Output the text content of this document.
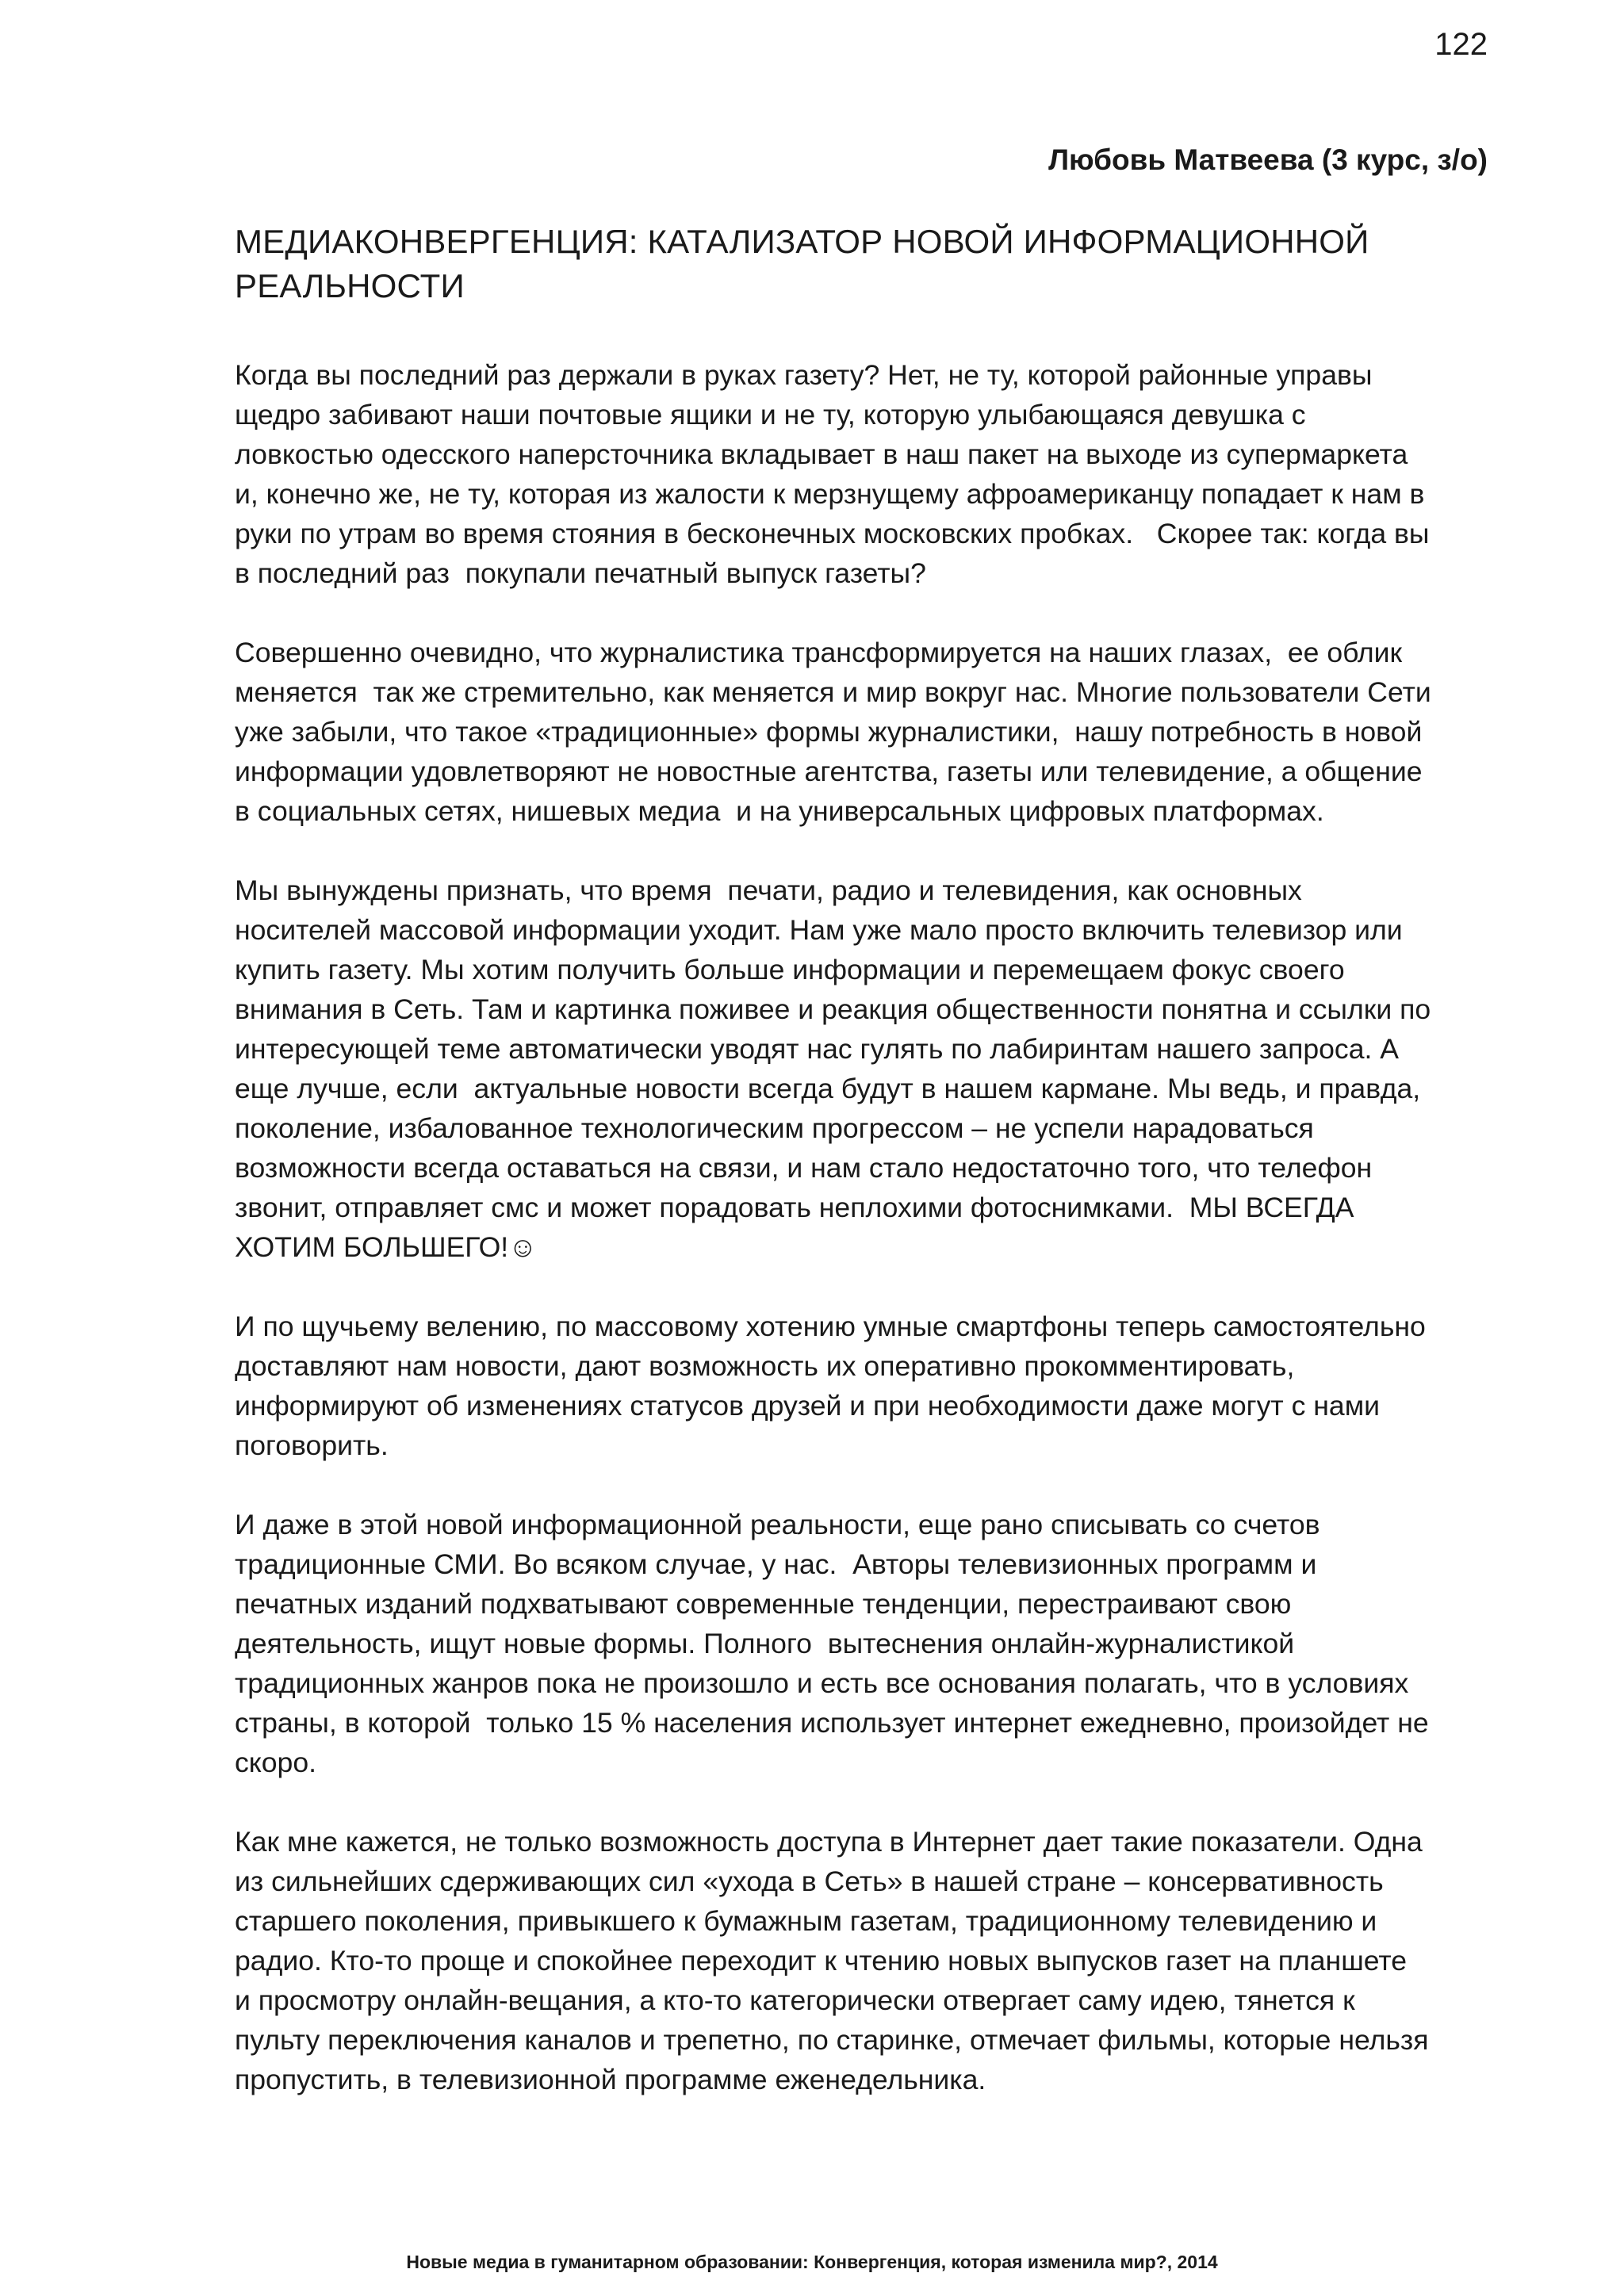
122
Любовь Матвеева (3 курс, з/о)
МЕДИАКОНВЕРГЕНЦИЯ: КАТАЛИЗАТОР НОВОЙ ИНФОРМАЦИОННОЙ
РЕАЛЬНОСТИ
Когда вы последний раз держали в руках газету? Нет, не ту, которой районные управы
щедро забивают наши почтовые ящики и не ту, которую улыбающаяся девушка с
ловкостью одесского наперсточника вкладывает в наш пакет на выходе из супермаркета
и, конечно же, не ту, которая из жалости к мерзнущему афроамериканцу попадает к нам в
руки по утрам во время стояния в бесконечных московских пробках.   Скорее так: когда вы
в последний раз  покупали печатный выпуск газеты?
Совершенно очевидно, что журналистика трансформируется на наших глазах,  ее облик
меняется  так же стремительно, как меняется и мир вокруг нас. Многие пользователи Сети
уже забыли, что такое «традиционные» формы журналистики,  нашу потребность в новой
информации удовлетворяют не новостные агентства, газеты или телевидение, а общение
в социальных сетях, нишевых медиа  и на универсальных цифровых платформах.
Мы вынуждены признать, что время  печати, радио и телевидения, как основных
носителей массовой информации уходит. Нам уже мало просто включить телевизор или
купить газету. Мы хотим получить больше информации и перемещаем фокус своего
внимания в Сеть. Там и картинка поживее и реакция общественности понятна и ссылки по
интересующей теме автоматически уводят нас гулять по лабиринтам нашего запроса. А
еще лучше, если  актуальные новости всегда будут в нашем кармане. Мы ведь, и правда,
поколение, избалованное технологическим прогрессом – не успели нарадоваться
возможности всегда оставаться на связи, и нам стало недостаточно того, что телефон
звонит, отправляет смс и может порадовать неплохими фотоснимками.  МЫ ВСЕГДА
ХОТИМ БОЛЬШЕГО!☺
И по щучьему велению, по массовому хотению умные смартфоны теперь самостоятельно
доставляют нам новости, дают возможность их оперативно прокомментировать,
информируют об изменениях статусов друзей и при необходимости даже могут с нами
поговорить.
И даже в этой новой информационной реальности, еще рано списывать со счетов
традиционные СМИ. Во всяком случае, у нас.  Авторы телевизионных программ и
печатных изданий подхватывают современные тенденции, перестраивают свою
деятельность, ищут новые формы. Полного  вытеснения онлайн-журналистикой
традиционных жанров пока не произошло и есть все основания полагать, что в условиях
страны, в которой  только 15 % населения использует интернет ежедневно, произойдет не
скоро.
Как мне кажется, не только возможность доступа в Интернет дает такие показатели. Одна
из сильнейших сдерживающих сил «ухода в Сеть» в нашей стране – консервативность
старшего поколения, привыкшего к бумажным газетам, традиционному телевидению и
радио. Кто-то проще и спокойнее переходит к чтению новых выпусков газет на планшете
и просмотру онлайн-вещания, а кто-то категорически отвергает саму идею, тянется к
пульту переключения каналов и трепетно, по старинке, отмечает фильмы, которые нельзя
пропустить, в телевизионной программе еженедельника.
Новые медиа в гуманитарном образовании: Конвергенция, которая изменила мир?, 2014
